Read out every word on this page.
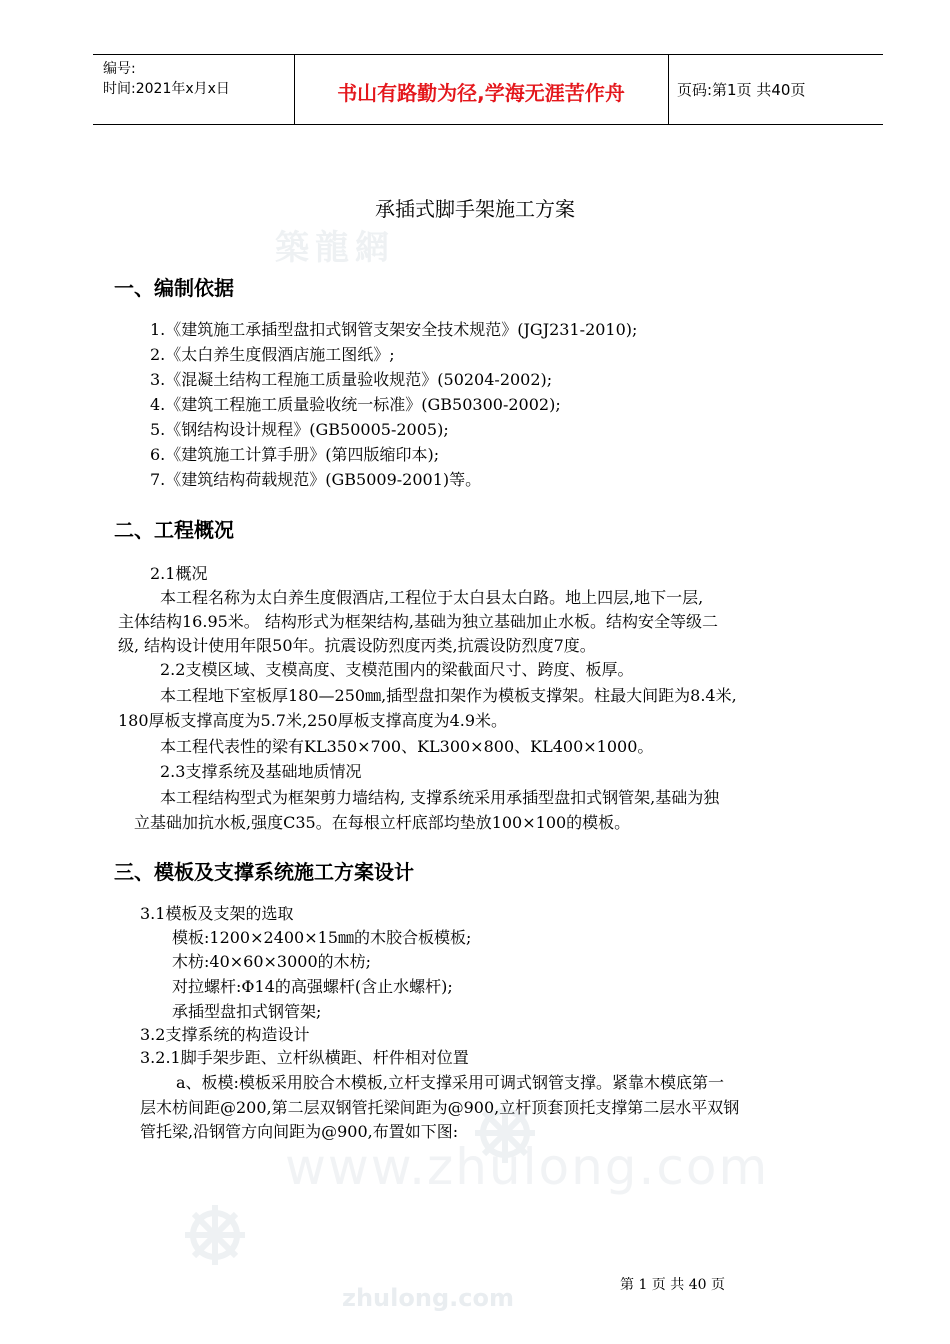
编号:
时间:2021年x月x日	书山有路勤为径,学海无涯苦作舟	页码:第1页 共40页
築龍網
www.zhulong.com
zhulong.com
承插式脚手架施工方案
一、编制依据
1.《建筑施工承插型盘扣式钢管支架安全技术规范》(JGJ231-2010);
2.《太白养生度假酒店施工图纸》;
3.《混凝土结构工程施工质量验收规范》(50204-2002);
4.《建筑工程施工质量验收统一标准》(GB50300-2002);
5.《钢结构设计规程》(GB50005-2005);
6.《建筑施工计算手册》(第四版缩印本);
7.《建筑结构荷载规范》(GB5009-2001)等。
二、工程概况
2.1概况
本工程名称为太白养生度假酒店,工程位于太白县太白路。地上四层,地下一层,
主体结构16.95米。 结构形式为框架结构,基础为独立基础加止水板。结构安全等级二
级, 结构设计使用年限50年。抗震设防烈度丙类,抗震设防烈度7度。
2.2支模区域、支模高度、支模范围内的梁截面尺寸、跨度、板厚。
本工程地下室板厚180—250㎜,插型盘扣架作为模板支撑架。柱最大间距为8.4米,
180厚板支撑高度为5.7米,250厚板支撑高度为4.9米。
本工程代表性的梁有KL350×700、KL300×800、KL400×1000。
2.3支撑系统及基础地质情况
本工程结构型式为框架剪力墙结构, 支撑系统采用承插型盘扣式钢管架,基础为独
立基础加抗水板,强度C35。在每根立杆底部均垫放100×100的模板。
三、模板及支撑系统施工方案设计
3.1模板及支架的选取
模板:1200×2400×15㎜的木胶合板模板;
木枋:40×60×3000的木枋;
对拉螺杆:Φ14的高强螺杆(含止水螺杆);
承插型盘扣式钢管架;
3.2支撑系统的构造设计
3.2.1脚手架步距、立杆纵横距、杆件相对位置
a、板模:模板采用胶合木模板,立杆支撑采用可调式钢管支撑。紧靠木模底第一
层木枋间距@200,第二层双钢管托梁间距为@900,立杆顶套顶托支撑第二层水平双钢
管托梁,沿钢管方向间距为@900,布置如下图:
第 1 页 共 40 页
